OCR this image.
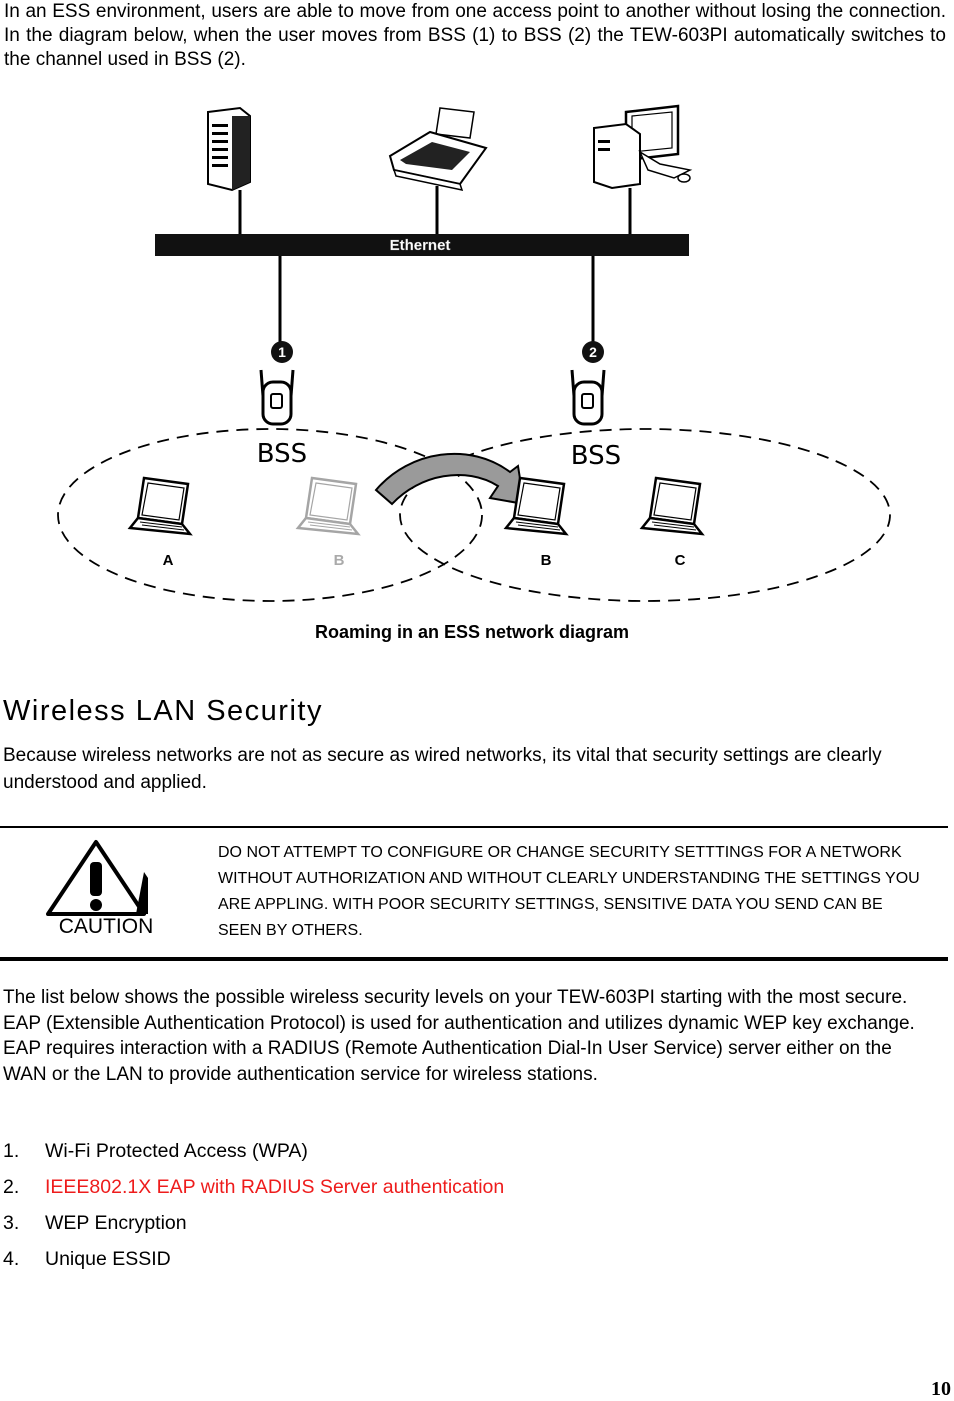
In an ESS environment, users are able to move from one access point to another without losing the connection. In the diagram below, when the user moves from BSS (1) to BSS (2) the TEW-603PI automatically switches to the channel used in BSS (2).

Ethernet
1	2
BSS	BSS
A	B	B	C
Roaming in an ESS network diagram
Wireless LAN Security

Because wireless networks are not as secure as wired networks, its vital that security settings are clearly understood and applied.

CAUTION

DO NOT ATTEMPT TO CONFIGURE OR CHANGE SECURITY SETTTINGS FOR A NETWORK WITHOUT AUTHORIZATION AND WITHOUT CLEARLY UNDERSTANDING THE SETTINGS YOU ARE APPLING. WITH POOR SECURITY SETTINGS, SENSITIVE DATA YOU SEND CAN BE SEEN BY OTHERS.

The list below shows the possible wireless security levels on your TEW-603PI starting with the most secure. EAP (Extensible Authentication Protocol) is used for authentication and utilizes dynamic WEP key exchange. EAP requires interaction with a RADIUS (Remote Authentication Dial-In User Service) server either on the WAN or the LAN to provide authentication service for wireless stations.

1. Wi-Fi Protected Access (WPA)
2. IEEE802.1X EAP with RADIUS Server authentication
3. WEP Encryption
4. Unique ESSID
10
